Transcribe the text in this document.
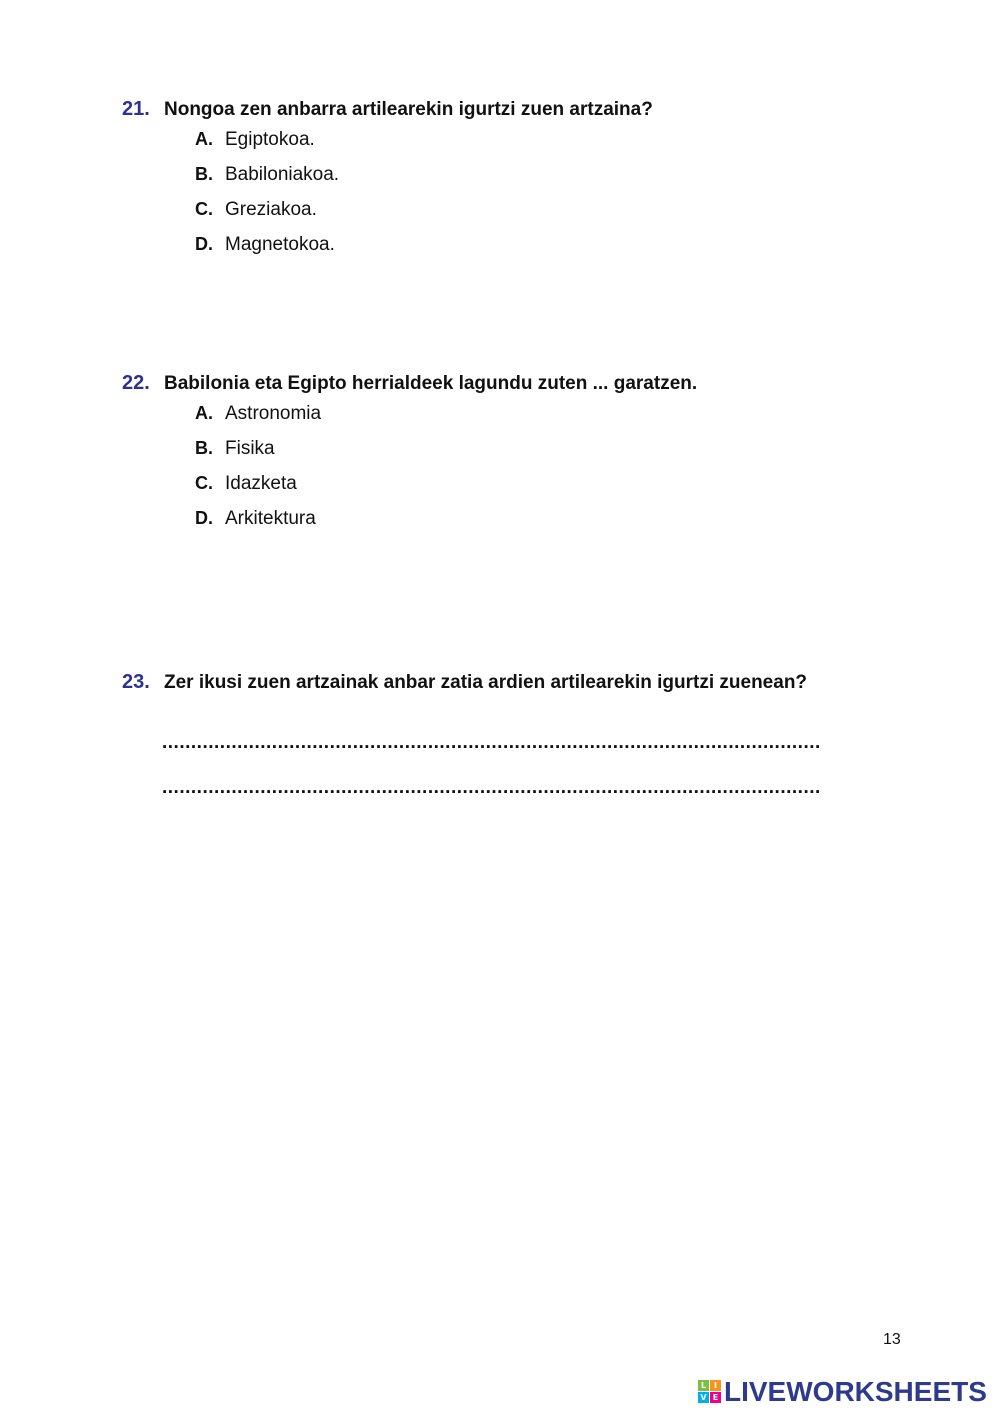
21. Nongoa zen anbarra artilearekin igurtzi zuen artzaina?
A. Egiptokoa.
B. Babiloniakoa.
C. Greziakoa.
D. Magnetokoa.
22. Babilonia eta Egipto herrialdeek lagundu zuten ... garatzen.
A. Astronomia
B. Fisika
C. Idazketa
D. Arkitektura
23. Zer ikusi zuen artzainak anbar zatia ardien artilearekin igurtzi zuenean?
..................................................................................................................
..................................................................................................................
13
L I
V E LIVEWORKSHEETS
